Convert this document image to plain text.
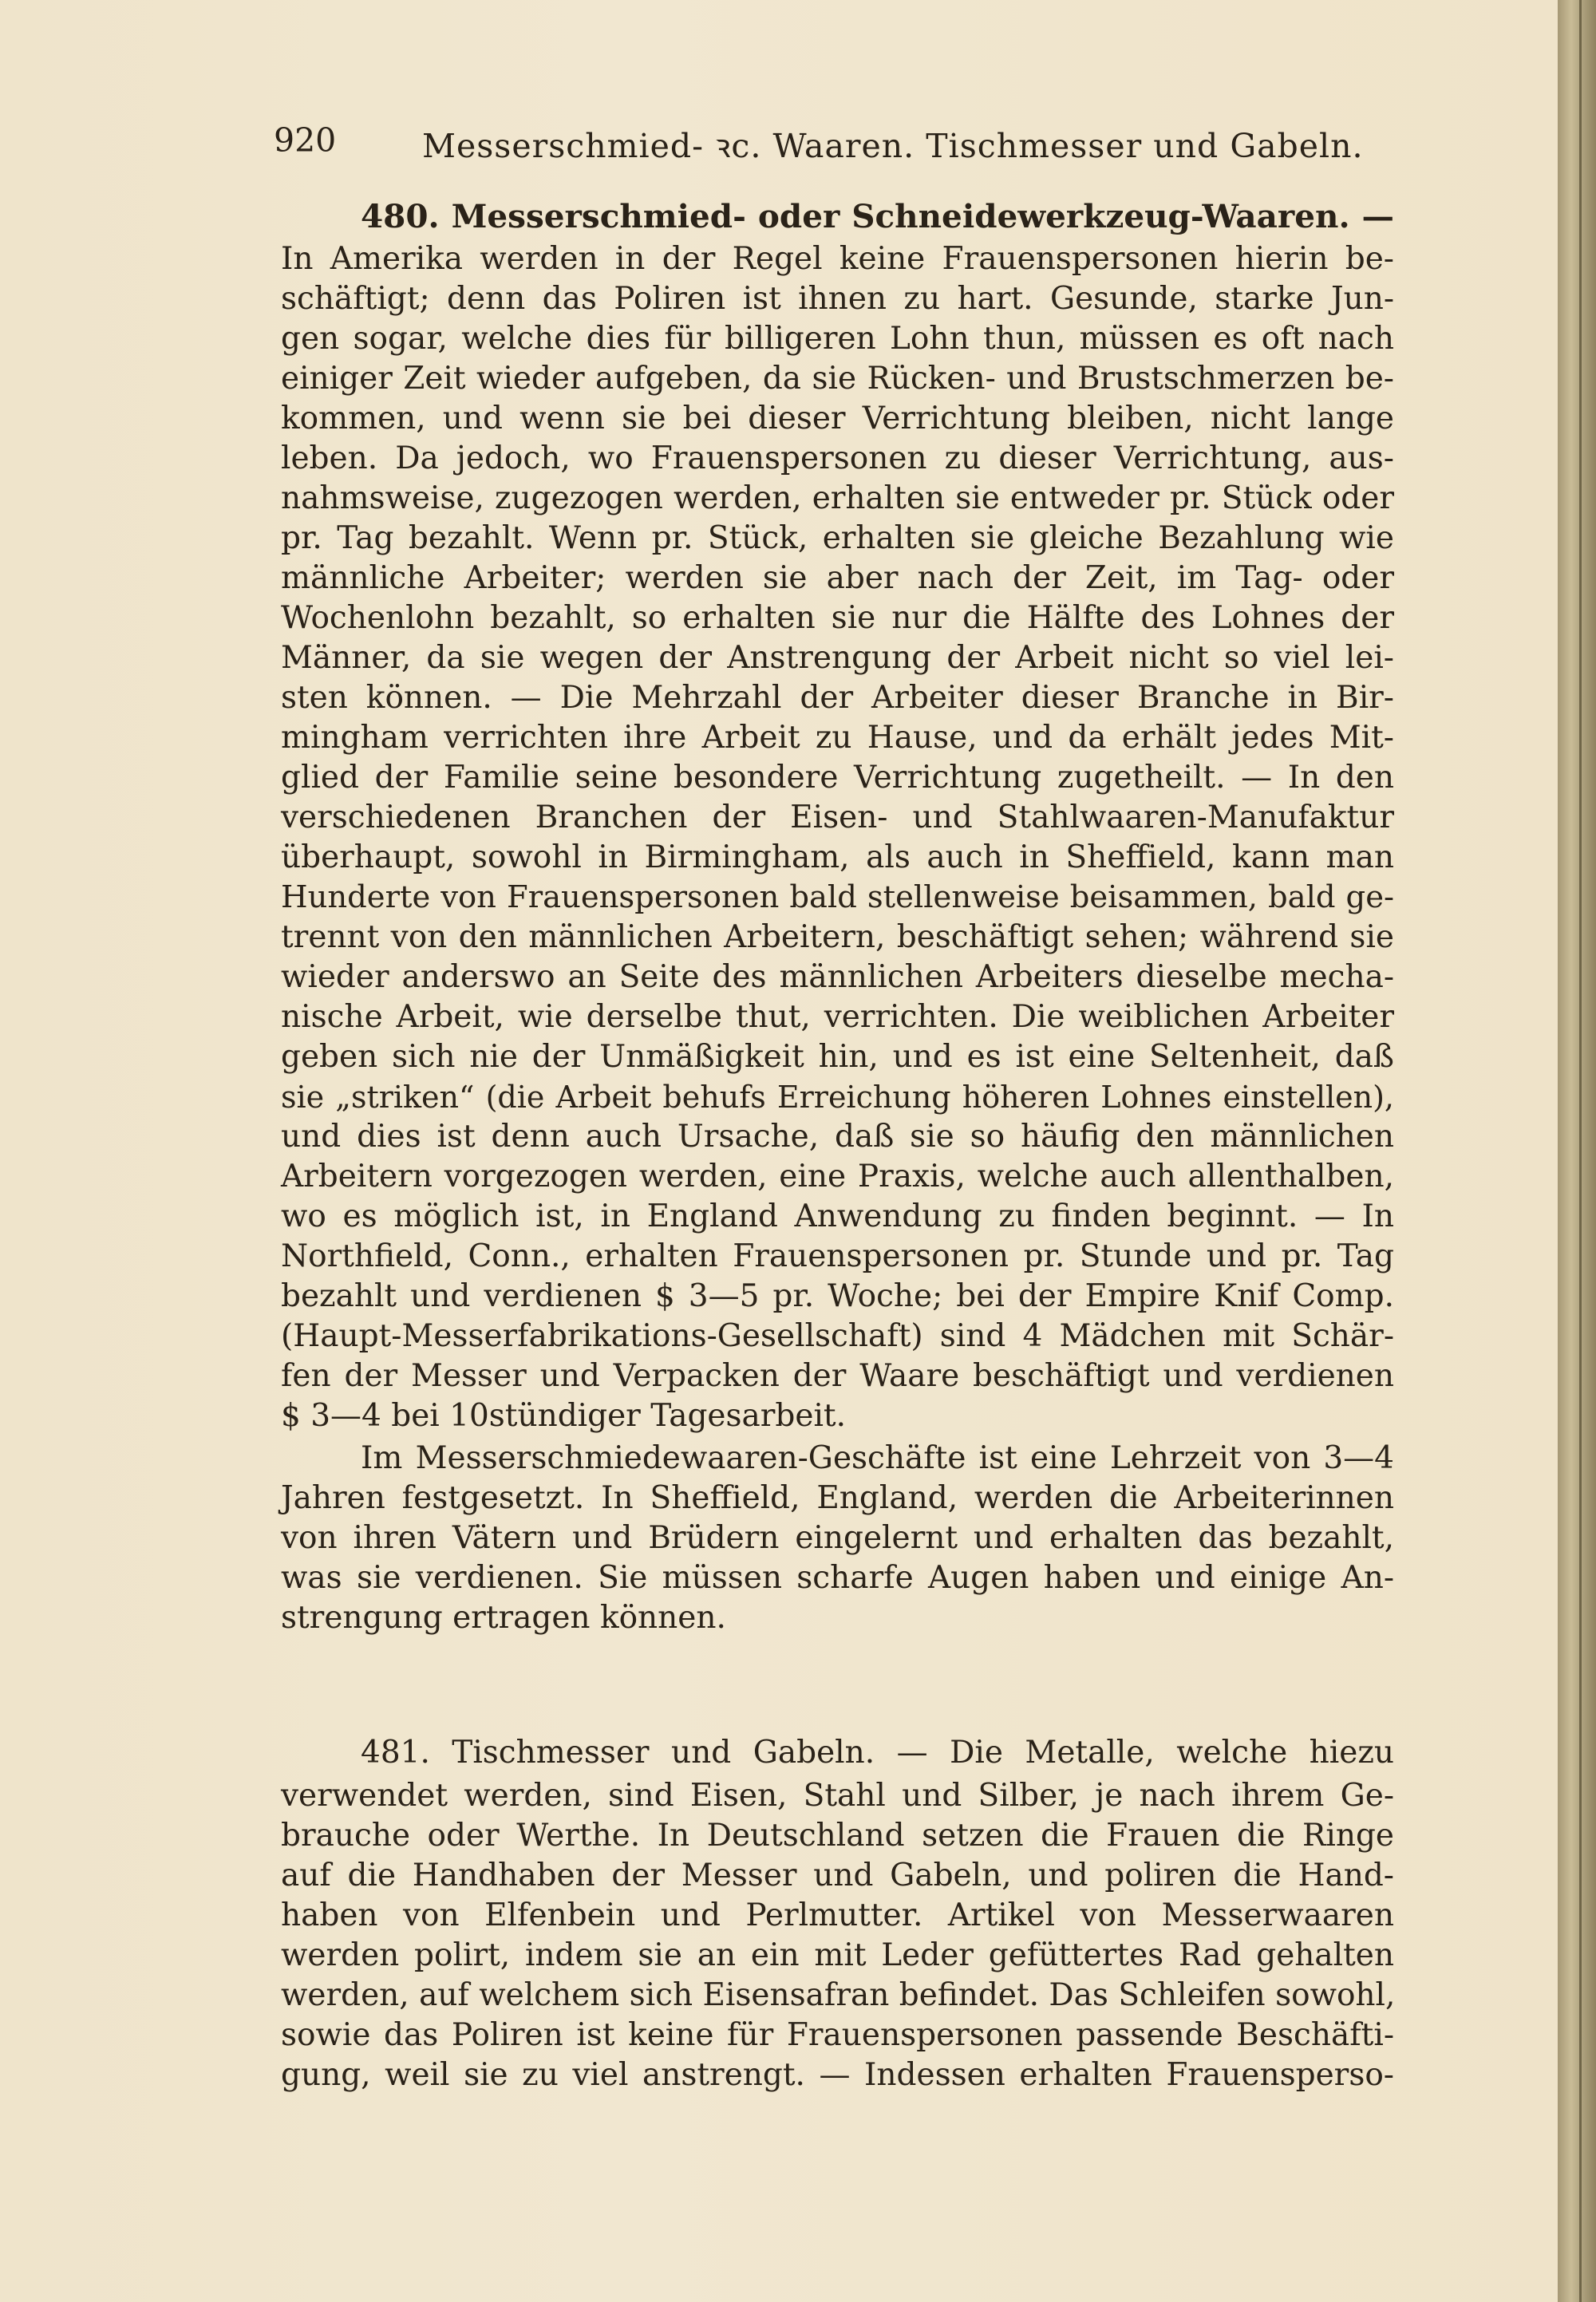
920	Messerschmied- ꝛc. Waaren. Tischmesser und Gabeln.
480. Messerschmied- oder Schneidewerkzeug-Waaren. —
In Amerika werden in der Regel keine Frauenspersonen hierin be-
schäftigt; denn das Poliren ist ihnen zu hart. Gesunde, starke Jun-
gen sogar, welche dies für billigeren Lohn thun, müssen es oft nach
einiger Zeit wieder aufgeben, da sie Rücken- und Brustschmerzen be-
kommen, und wenn sie bei dieser Verrichtung bleiben, nicht lange
leben. Da jedoch, wo Frauenspersonen zu dieser Verrichtung, aus-
nahmsweise, zugezogen werden, erhalten sie entweder pr. Stück oder
pr. Tag bezahlt. Wenn pr. Stück, erhalten sie gleiche Bezahlung wie
männliche Arbeiter; werden sie aber nach der Zeit, im Tag- oder
Wochenlohn bezahlt, so erhalten sie nur die Hälfte des Lohnes der
Männer, da sie wegen der Anstrengung der Arbeit nicht so viel lei-
sten können. — Die Mehrzahl der Arbeiter dieser Branche in Bir-
mingham verrichten ihre Arbeit zu Hause, und da erhält jedes Mit-
glied der Familie seine besondere Verrichtung zugetheilt. — In den
verschiedenen Branchen der Eisen- und Stahlwaaren-Manufaktur
überhaupt, sowohl in Birmingham, als auch in Sheffield, kann man
Hunderte von Frauenspersonen bald stellenweise beisammen, bald ge-
trennt von den männlichen Arbeitern, beschäftigt sehen; während sie
wieder anderswo an Seite des männlichen Arbeiters dieselbe mecha-
nische Arbeit, wie derselbe thut, verrichten. Die weiblichen Arbeiter
geben sich nie der Unmäßigkeit hin, und es ist eine Seltenheit, daß
sie „striken“ (die Arbeit behufs Erreichung höheren Lohnes einstellen),
und dies ist denn auch Ursache, daß sie so häufig den männlichen
Arbeitern vorgezogen werden, eine Praxis, welche auch allenthalben,
wo es möglich ist, in England Anwendung zu finden beginnt. — In
Northfield, Conn., erhalten Frauenspersonen pr. Stunde und pr. Tag
bezahlt und verdienen $ 3—5 pr. Woche; bei der Empire Knif Comp.
(Haupt-Messerfabrikations-Gesellschaft) sind 4 Mädchen mit Schär-
fen der Messer und Verpacken der Waare beschäftigt und verdienen
$ 3—4 bei 10stündiger Tagesarbeit.
Im Messerschmiedewaaren-Geschäfte ist eine Lehrzeit von 3—4
Jahren festgesetzt. In Sheffield, England, werden die Arbeiterinnen
von ihren Vätern und Brüdern eingelernt und erhalten das bezahlt,
was sie verdienen. Sie müssen scharfe Augen haben und einige An-
strengung ertragen können.
481. Tischmesser und Gabeln. — Die Metalle, welche hiezu
verwendet werden, sind Eisen, Stahl und Silber, je nach ihrem Ge-
brauche oder Werthe. In Deutschland setzen die Frauen die Ringe
auf die Handhaben der Messer und Gabeln, und poliren die Hand-
haben von Elfenbein und Perlmutter. Artikel von Messerwaaren
werden polirt, indem sie an ein mit Leder gefüttertes Rad gehalten
werden, auf welchem sich Eisensafran befindet. Das Schleifen sowohl,
sowie das Poliren ist keine für Frauenspersonen passende Beschäfti-
gung, weil sie zu viel anstrengt. — Indessen erhalten Frauensperso-
